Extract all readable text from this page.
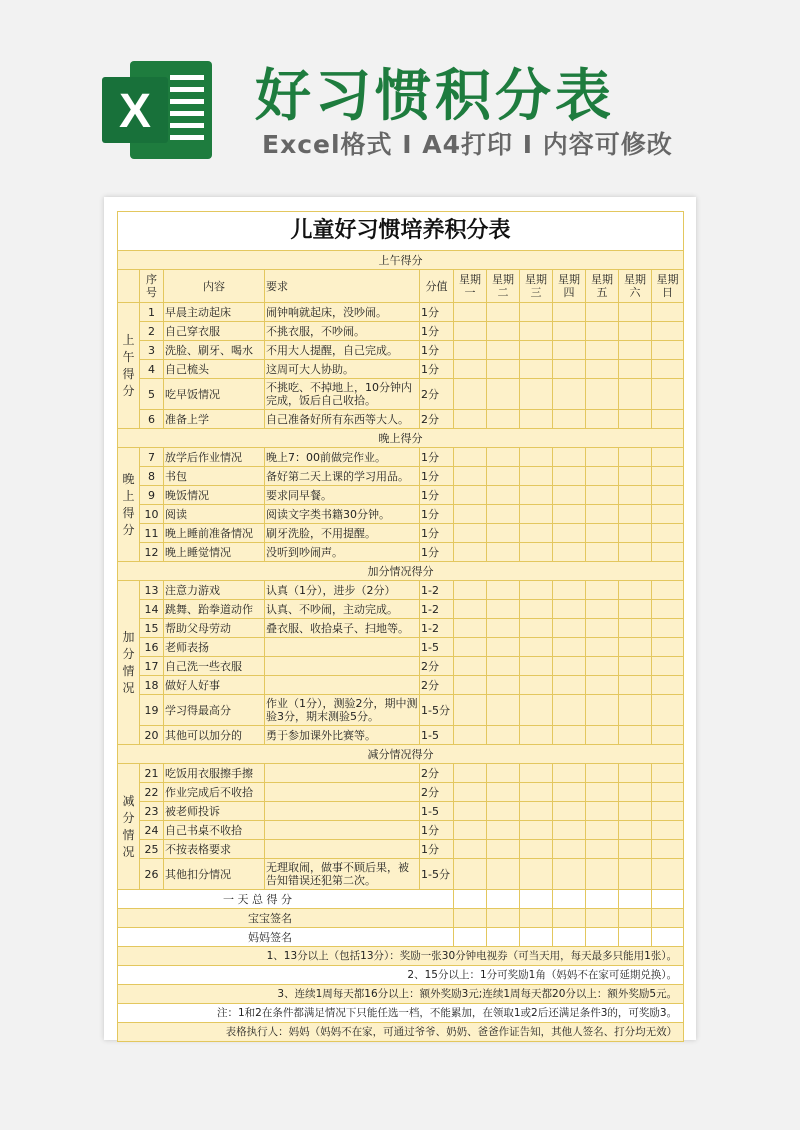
X 好习惯积分表
Excel格式 I A4打印 I 内容可修改
儿童好习惯培养积分表											
上午得分											
	序号	内容	要求	分值	星期一	星期二	星期三	星期四	星期五	星期六	星期日
上午得分	1	早晨主动起床	闹钟响就起床，没吵闹。	1分							
	2	自己穿衣服	不挑衣服，不吵闹。	1分							
	3	洗脸、刷牙、喝水	不用大人提醒，自己完成。	1分							
	4	自己梳头	这周可大人协助。	1分							
	5	吃早饭情况	不挑吃、不掉地上，10分钟内完成，饭后自己收拾。	2分							
	6	准备上学	自己准备好所有东西等大人。	2分							
晚上得分											
晚上得分	7	放学后作业情况	晚上7：00前做完作业。	1分							
	8	书包	备好第二天上课的学习用品。	1分							
	9	晚饭情况	要求同早餐。	1分							
	10	阅读	阅读文字类书籍30分钟。	1分							
	11	晚上睡前准备情况	刷牙洗脸，不用提醒。	1分							
	12	晚上睡觉情况	没听到吵闹声。	1分							
加分情况得分											
加分情况	13	注意力游戏	认真（1分），进步（2分）	1-2							
	14	跳舞、跆拳道动作	认真、不吵闹，主动完成。	1-2							
	15	帮助父母劳动	叠衣服、收拾桌子、扫地等。	1-2							
	16	老师表扬		1-5							
	17	自己洗一些衣服		2分							
	18	做好人好事		2分							
	19	学习得最高分	作业（1分），测验2分，期中测验3分，期末测验5分。	1-5分							
	20	其他可以加分的	勇于参加课外比赛等。	1-5							
减分情况得分											
减分情况	21	吃饭用衣服擦手擦		2分							
	22	作业完成后不收拾		2分							
	23	被老师投诉		1-5							
	24	自己书桌不收拾		1分							
	25	不按表格要求		1分							
	26	其他扣分情况	无理取闹，做事不顾后果，被告知错误还犯第二次。	1-5分							
一 天 总 得 分											
宝宝签名											
妈妈签名											
1、13分以上（包括13分）：奖励一张30分钟电视券（可当天用，每天最多只能用1张）。											
2、15分以上：1分可奖励1角（妈妈不在家可延期兑换）。											
3、连续1周每天都16分以上：额外奖励3元;连续1周每天都20分以上：额外奖励5元。											
注：1和2在条件都满足情况下只能任选一档，不能累加，在领取1或2后还满足条件3的，可奖励3。											
表格执行人：妈妈（妈妈不在家，可通过爷爷、奶奶、爸爸作证告知，其他人签名、打分均无效）											
